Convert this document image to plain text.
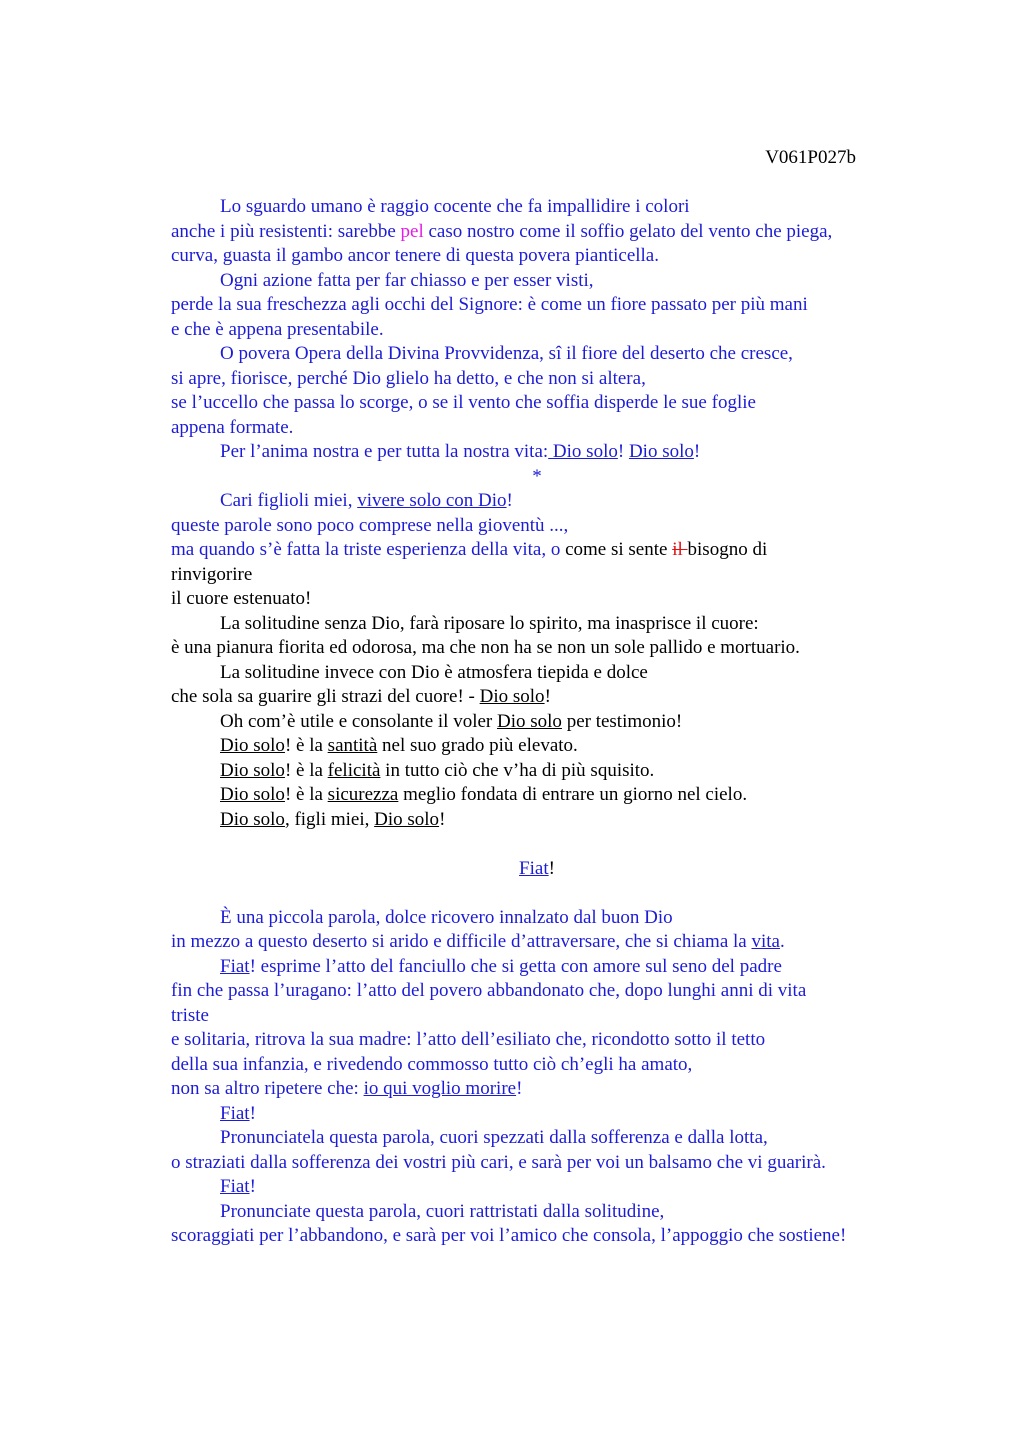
V061P027b
Lo sguardo umano è raggio cocente che fa impallidire i colori
anche i più resistenti: sarebbe pel caso nostro come il soffio gelato del vento che piega,
curva, guasta il gambo ancor tenere di questa povera pianticella.
Ogni azione fatta per far chiasso e per esser visti,
perde la sua freschezza agli occhi del Signore: è come un fiore passato per più mani
e che è appena presentabile.
O povera Opera della Divina Provvidenza, sî il fiore del deserto che cresce,
si apre, fiorisce, perché Dio glielo ha detto, e che non si altera,
se l’uccello che passa lo scorge, o se il vento che soffia disperde le sue foglie
appena formate.
Per l’anima nostra e per tutta la nostra vita: Dio solo! Dio solo!
*
Cari figlioli miei, vivere solo con Dio!
queste parole sono poco comprese nella gioventù ...,
ma quando s’è fatta la triste esperienza della vita, o come si sente il bisogno di
rinvigorire
il cuore estenuato!
La solitudine senza Dio, farà riposare lo spirito, ma inasprisce il cuore:
è una pianura fiorita ed odorosa, ma che non ha se non un sole pallido e mortuario.
La solitudine invece con Dio è atmosfera tiepida e dolce
che sola sa guarire gli strazi del cuore! - Dio solo!
Oh com’è utile e consolante il voler Dio solo per testimonio!
Dio solo! è la santità nel suo grado più elevato.
Dio solo! è la felicità in tutto ciò che v’ha di più squisito.
Dio solo! è la sicurezza meglio fondata di entrare un giorno nel cielo.
Dio solo, figli miei, Dio solo!
Fiat!
È una piccola parola, dolce ricovero innalzato dal buon Dio
in mezzo a questo deserto si arido e difficile d’attraversare, che si chiama la vita.
Fiat! esprime l’atto del fanciullo che si getta con amore sul seno del padre
fin che passa l’uragano: l’atto del povero abbandonato che, dopo lunghi anni di vita
triste
e solitaria, ritrova la sua madre: l’atto dell’esiliato che, ricondotto sotto il tetto
della sua infanzia, e rivedendo commosso tutto ciò ch’egli ha amato,
non sa altro ripetere che: io qui voglio morire!
Fiat!
Pronunciatela questa parola, cuori spezzati dalla sofferenza e dalla lotta,
o straziati dalla sofferenza dei vostri più cari, e sarà per voi un balsamo che vi guarirà.
Fiat!
Pronunciate questa parola, cuori rattristati dalla solitudine,
scoraggiati per l’abbandono, e sarà per voi l’amico che consola, l’appoggio che sostiene!
